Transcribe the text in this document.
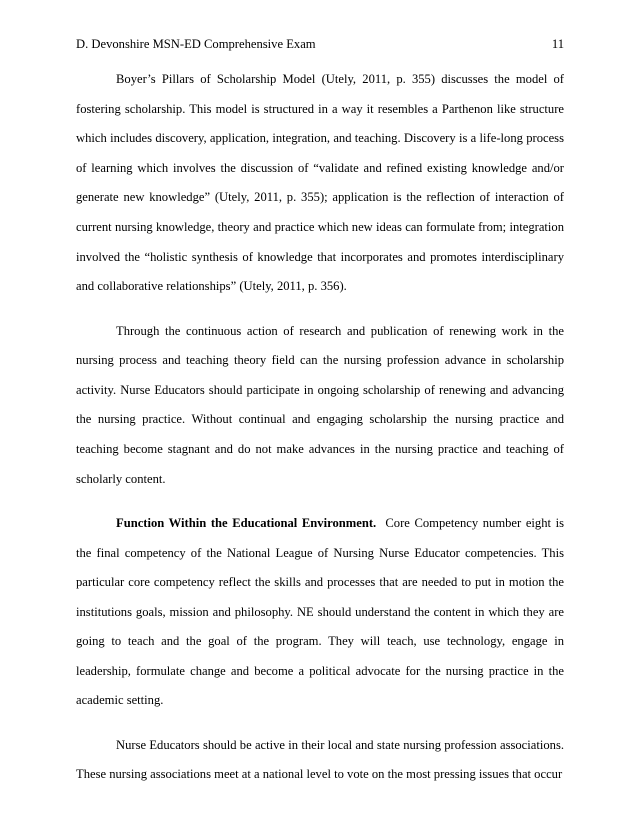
D. Devonshire MSN-ED Comprehensive Exam	11

Boyer’s Pillars of Scholarship Model (Utely, 2011, p. 355) discusses the model of fostering scholarship. This model is structured in a way it resembles a Parthenon like structure which includes discovery, application, integration, and teaching. Discovery is a life-long process of learning which involves the discussion of “validate and refined existing knowledge and/or generate new knowledge” (Utely, 2011, p. 355); application is the reflection of interaction of current nursing knowledge, theory and practice which new ideas can formulate from; integration involved the “holistic synthesis of knowledge that incorporates and promotes interdisciplinary and collaborative relationships” (Utely, 2011, p. 356).

Through the continuous action of research and publication of renewing work in the nursing process and teaching theory field can the nursing profession advance in scholarship activity. Nurse Educators should participate in ongoing scholarship of renewing and advancing the nursing practice. Without continual and engaging scholarship the nursing practice and teaching become stagnant and do not make advances in the nursing practice and teaching of scholarly content.

Function Within the Educational Environment. Core Competency number eight is the final competency of the National League of Nursing Nurse Educator competencies. This particular core competency reflect the skills and processes that are needed to put in motion the institutions goals, mission and philosophy. NE should understand the content in which they are going to teach and the goal of the program. They will teach, use technology, engage in leadership, formulate change and become a political advocate for the nursing practice in the academic setting.

Nurse Educators should be active in their local and state nursing profession associations. These nursing associations meet at a national level to vote on the most pressing issues that occur
